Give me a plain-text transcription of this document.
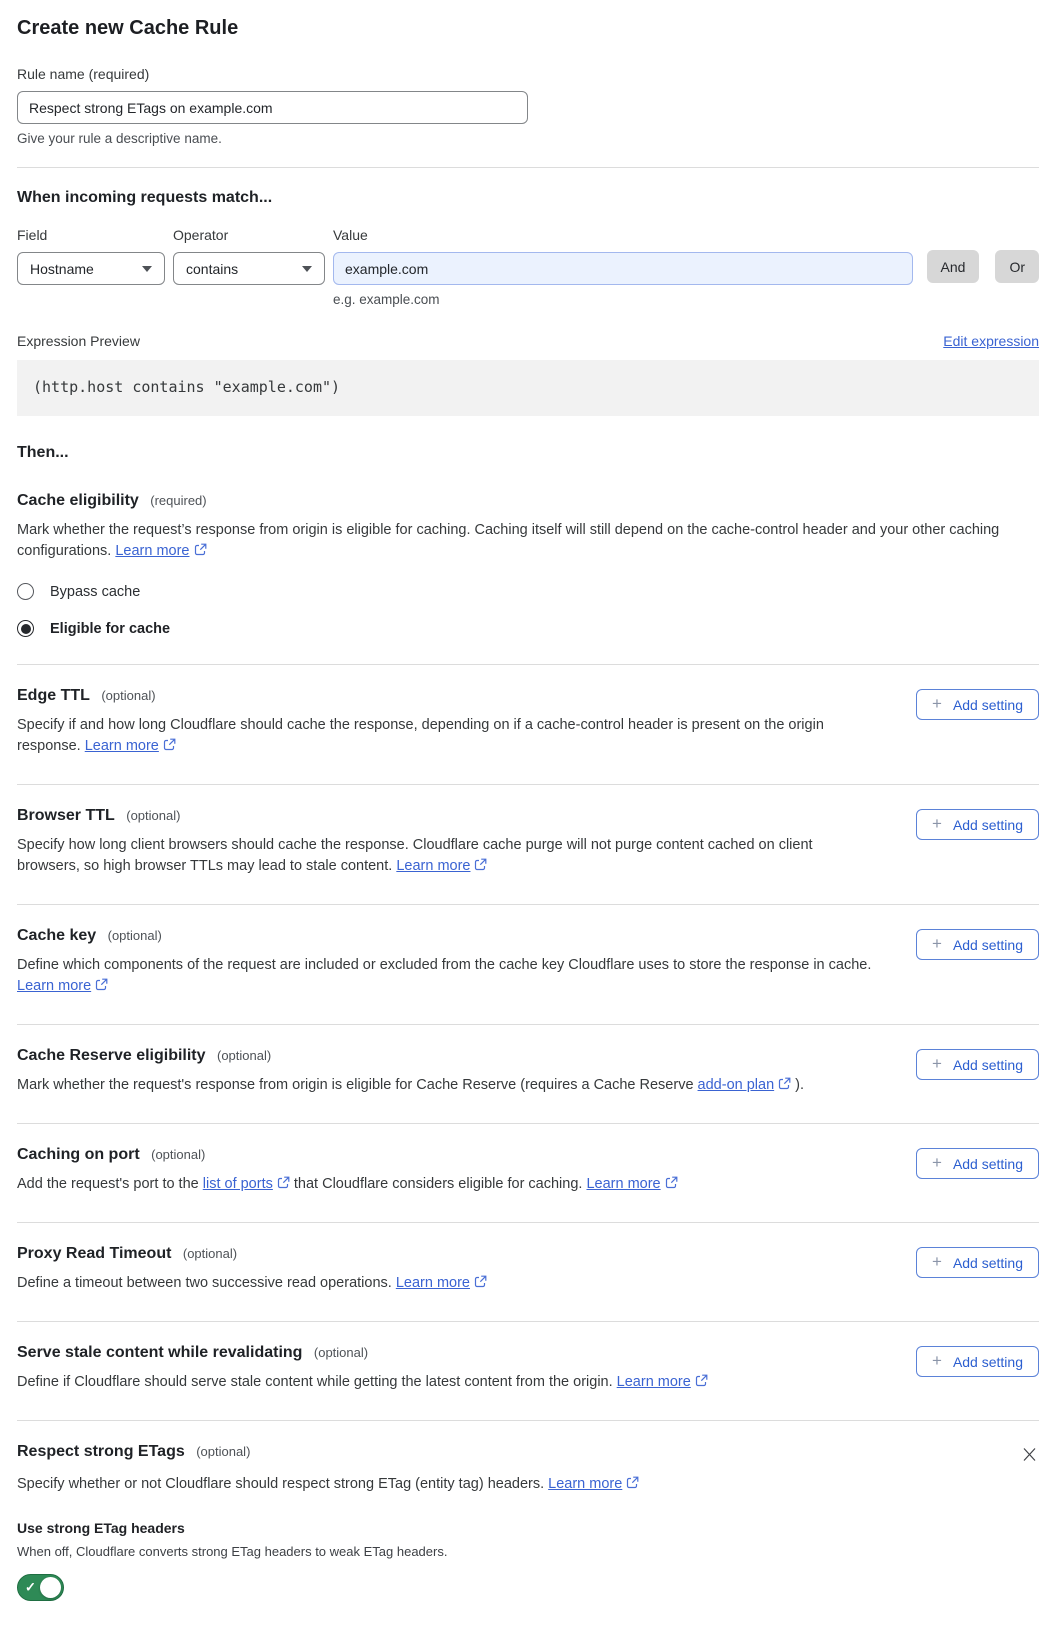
Create new Cache Rule
Rule name (required)
Respect strong ETags on example.com
Give your rule a descriptive name.
When incoming requests match...
Field
Hostname
Operator
contains
Value
example.com
e.g. example.com
And	Or
Expression Preview	Edit expression
(http.host contains "example.com")
Then...
Cache eligibility (required)

Mark whether the request’s response from origin is eligible for caching. Caching itself will still depend on the cache-control header and your other caching configurations. Learn more

Bypass cache
Eligible for cache
Edge TTL (optional)

Specify if and how long Cloudflare should cache the response, depending on if a cache-control header is present on the origin response. Learn more

+ Add setting
Browser TTL (optional)

Specify how long client browsers should cache the response. Cloudflare cache purge will not purge content cached on client browsers, so high browser TTLs may lead to stale content. Learn more

+ Add setting
Cache key (optional)

Define which components of the request are included or excluded from the cache key Cloudflare uses to store the response in cache. Learn more

+ Add setting
Cache Reserve eligibility (optional)

Mark whether the request's response from origin is eligible for Cache Reserve (requires a Cache Reserve add-on plan ).

+ Add setting
Caching on port (optional)

Add the request's port to the list of ports that Cloudflare considers eligible for caching. Learn more

+ Add setting
Proxy Read Timeout (optional)

Define a timeout between two successive read operations. Learn more

+ Add setting
Serve stale content while revalidating (optional)

Define if Cloudflare should serve stale content while getting the latest content from the origin. Learn more

+ Add setting
Respect strong ETags (optional)

Specify whether or not Cloudflare should respect strong ETag (entity tag) headers. Learn more

Use strong ETag headers
When off, Cloudflare converts strong ETag headers to weak ETag headers.
✓
